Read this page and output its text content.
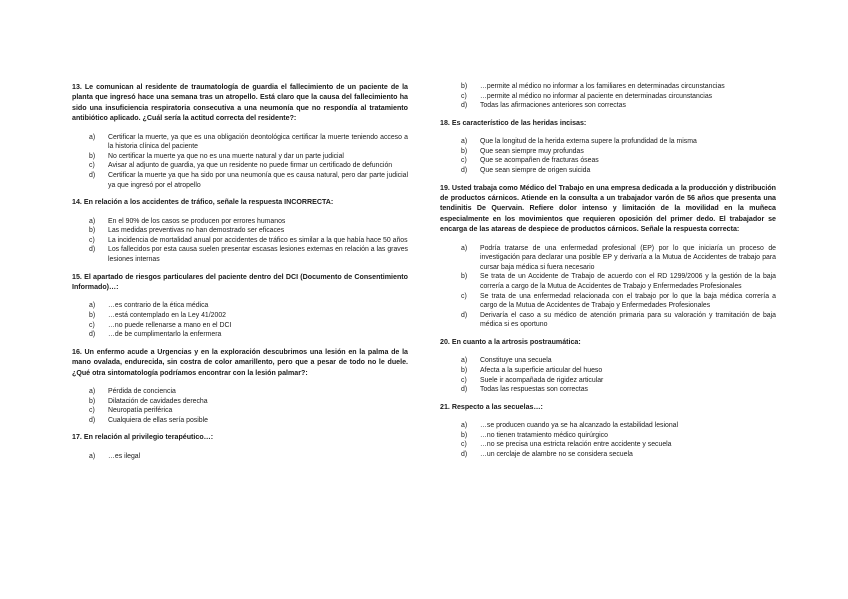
13. Le comunican al residente de traumatología de guardia el fallecimiento de un paciente de la planta que ingresó hace una semana tras un atropello. Está claro que la causa del fallecimiento ha sido una insuficiencia respiratoria consecutiva a una neumonía que no respondía al tratamiento antibiótico aplicado. ¿Cuál sería la actitud correcta del residente?:

a)	Certificar la muerte, ya que es una obligación deontológica certificar la muerte teniendo acceso a la historia clínica del paciente
b)	No certificar la muerte ya que no es una muerte natural y dar un parte judicial
c)	Avisar al adjunto de guardia, ya que un residente no puede firmar un certificado de defunción
d)	Certificar la muerte ya que ha sido por una neumonía que es causa natural, pero dar parte judicial ya que ingresó por el atropello

14. En relación a los accidentes de tráfico, señale la respuesta INCORRECTA:

a)	En el 90% de los casos se producen por errores humanos
b)	Las medidas preventivas no han demostrado ser eficaces
c)	La incidencia de mortalidad anual por accidentes de tráfico es similar a la que había hace 50 años
d)	Los fallecidos por esta causa suelen presentar escasas lesiones externas en relación a las graves lesiones internas

15. El apartado de riesgos particulares del paciente dentro del DCI (Documento de Consentimiento Informado)…:

a)	…es contrario de la ética médica
b)	…está contemplado en la Ley 41/2002
c)	…no puede rellenarse a mano en el DCI
d)	…de be cumplimentarlo la enfermera

16. Un enfermo acude a Urgencias y en la exploración descubrimos una lesión en la palma de la mano ovalada, endurecida, sin costra de color amarillento, pero que a pesar de todo no le duele. ¿Qué otra sintomatología podríamos encontrar con la lesión palmar?:

a)	Pérdida de conciencia
b)	Dilatación de cavidades derecha
c)	Neuropatía periférica
d)	Cualquiera de ellas sería posible

17. En relación al privilegio terapéutico…:

a)	…es ilegal
b)	…permite al médico no informar a los familiares en determinadas circunstancias
c)	…permite al médico no informar al paciente en determinadas circunstancias
d)	Todas las afirmaciones anteriores son correctas

18. Es característico de las heridas incisas:

a)	Que la longitud de la herida externa supere la profundidad de la misma
b)	Que sean siempre muy profundas
c)	Que se acompañen de fracturas óseas
d)	Que sean siempre de origen suicida

19. Usted trabaja como Médico del Trabajo en una empresa dedicada a la producción y distribución de productos cárnicos. Atiende en la consulta a un trabajador varón de 56 años que presenta una tendinitis De Quervain. Refiere dolor intenso y limitación de la movilidad en la muñeca especialmente en los movimientos que requieren oposición del primer dedo. El trabajador se encarga de las atareas de despiece de productos cárnicos. Señale la respuesta correcta:

a)	Podría tratarse de una enfermedad profesional (EP) por lo que iniciaría un proceso de investigación para declarar una posible EP y derivaría a la Mutua de Accidentes de trabajo para cursar baja médica si fuera necesario
b)	Se trata de un Accidente de Trabajo de acuerdo con el RD 1299/2006 y la gestión de la baja correría a cargo de la Mutua de Accidentes de Trabajo y Enfermedades Profesionales
c)	Se trata de una enfermedad relacionada con el trabajo por lo que la baja médica correría a cargo de la Mutua de Accidentes de Trabajo y Enfermedades Profesionales
d)	Derivaría el caso a su médico de atención primaria para su valoración y tramitación de baja médica si es oportuno

20. En cuanto a la artrosis postraumática:

a)	Constituye una secuela
b)	Afecta a la superficie articular del hueso
c)	Suele ir acompañada de rigidez articular
d)	Todas las respuestas son correctas

21. Respecto a las secuelas…:

a)	…se producen cuando ya se ha alcanzado la estabilidad lesional
b)	…no tienen tratamiento médico quirúrgico
c)	…no se precisa una estricta relación entre accidente y secuela
d)	…un cerclaje de alambre no se considera secuela
